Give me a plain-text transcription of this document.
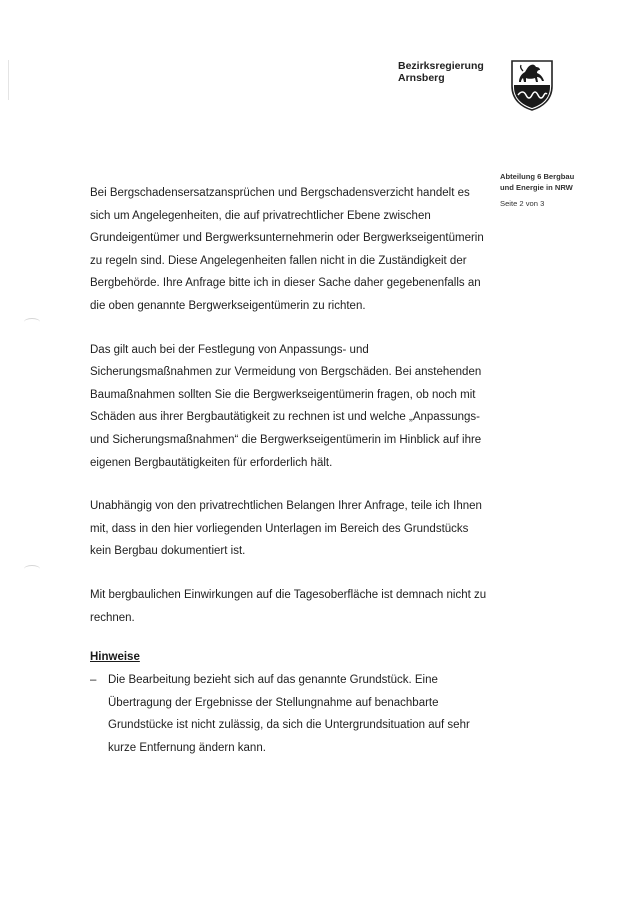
Bezirksregierung
Arnsberg
Abteilung 6 Bergbau
und Energie in NRW
Seite 2 von 3

Bei Bergschadensersatzansprüchen und Bergschadensverzicht handelt es sich um Angelegenheiten, die auf privatrechtlicher Ebene zwischen Grundeigentümer und Bergwerksunternehmerin oder Bergwerkseigentümerin zu regeln sind. Diese Angelegenheiten fallen nicht in die Zuständigkeit der Bergbehörde. Ihre Anfrage bitte ich in dieser Sache daher gegebenenfalls an die oben genannte Bergwerkseigentümerin zu richten.

Das gilt auch bei der Festlegung von Anpassungs- und Sicherungsmaßnahmen zur Vermeidung von Bergschäden. Bei anstehenden Baumaßnahmen sollten Sie die Bergwerkseigentümerin fragen, ob noch mit Schäden aus ihrer Bergbautätigkeit zu rechnen ist und welche „Anpassungs- und Sicherungsmaßnahmen“ die Bergwerkseigentümerin im Hinblick auf ihre eigenen Bergbautätigkeiten für erforderlich hält.

Unabhängig von den privatrechtlichen Belangen Ihrer Anfrage, teile ich Ihnen mit, dass in den hier vorliegenden Unterlagen im Bereich des Grundstücks kein Bergbau dokumentiert ist.

Mit bergbaulichen Einwirkungen auf die Tagesoberfläche ist demnach nicht zu rechnen.

Hinweise
– Die Bearbeitung bezieht sich auf das genannte Grundstück. Eine Übertragung der Ergebnisse der Stellungnahme auf benachbarte Grundstücke ist nicht zulässig, da sich die Untergrundsituation auf sehr kurze Entfernung ändern kann.
